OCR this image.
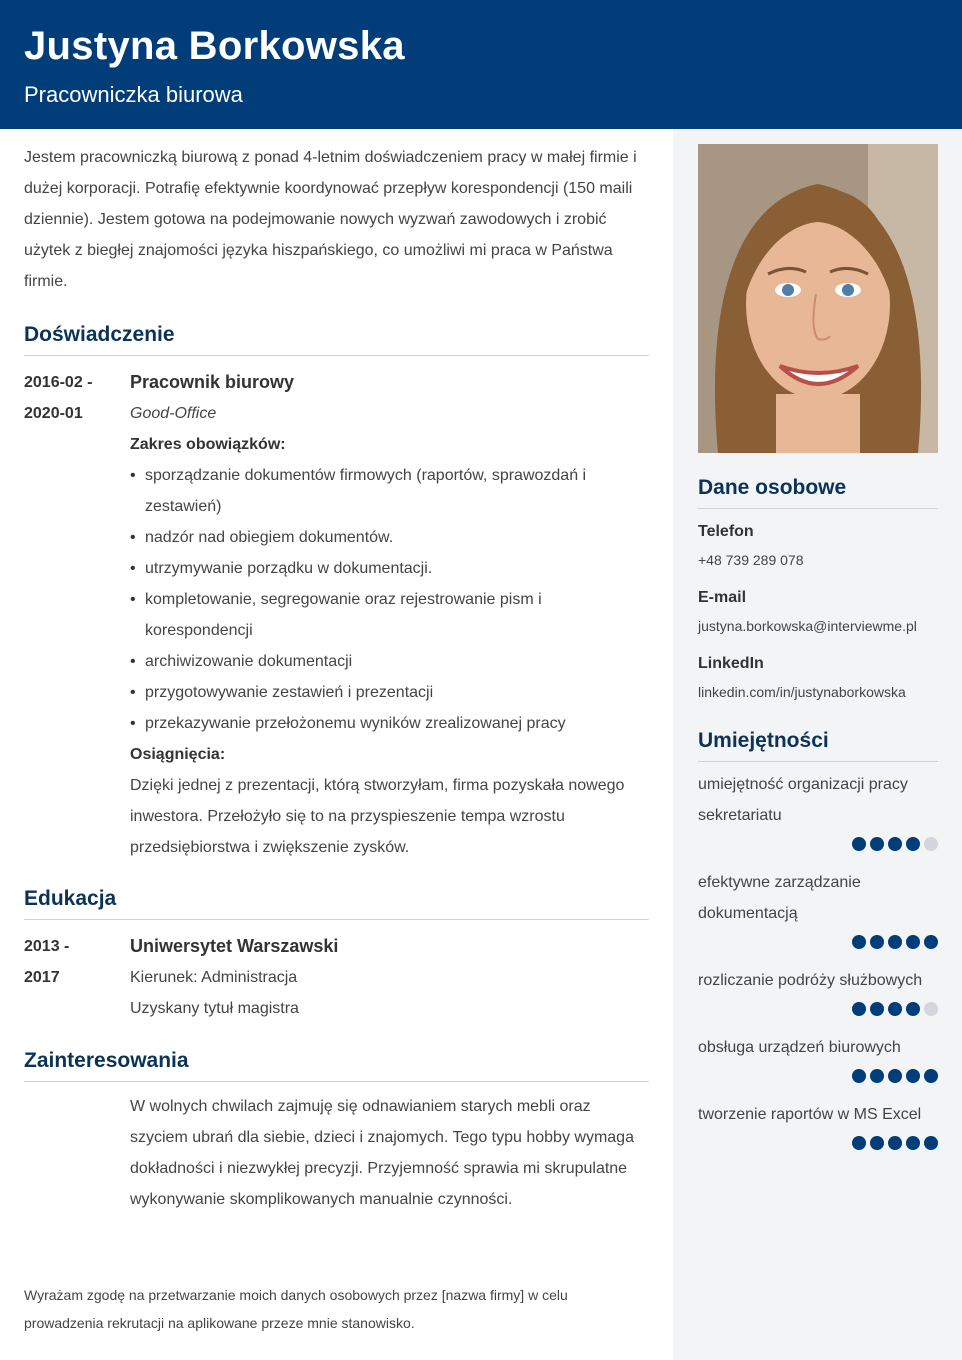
Justyna Borkowska
Pracowniczka biurowa

Jestem pracowniczką biurową z ponad 4-letnim doświadczeniem pracy w małej firmie i dużej korporacji. Potrafię efektywnie koordynować przepływ korespondencji (150 maili dziennie). Jestem gotowa na podejmowanie nowych wyzwań zawodowych i zrobić użytek z biegłej znajomości języka hiszpańskiego, co umożliwi mi praca w Państwa firmie.

Doświadczenie
2016-02 -
2020-01
Pracownik biurowy
Good-Office
Zakres obowiązków:
• sporządzanie dokumentów firmowych (raportów, sprawozdań i zestawień)
• nadzór nad obiegiem dokumentów.
• utrzymywanie porządku w dokumentacji.
• kompletowanie, segregowanie oraz rejestrowanie pism i korespondencji
• archiwizowanie dokumentacji
• przygotowywanie zestawień i prezentacji
• przekazywanie przełożonemu wyników zrealizowanej pracy
Osiągnięcia:
Dzięki jednej z prezentacji, którą stworzyłam, firma pozyskała nowego inwestora. Przełożyło się to na przyspieszenie tempa wzrostu przedsiębiorstwa i zwiększenie zysków.
Edukacja
2013 -
2017
Uniwersytet Warszawski
Kierunek: Administracja
Uzyskany tytuł magistra
Zainteresowania
W wolnych chwilach zajmuję się odnawianiem starych mebli oraz szyciem ubrań dla siebie, dzieci i znajomych. Tego typu hobby wymaga dokładności i niezwykłej precyzji. Przyjemność sprawia mi skrupulatne wykonywanie skomplikowanych manualnie czynności.
Wyrażam zgodę na przetwarzanie moich danych osobowych przez [nazwa firmy] w celu prowadzenia rekrutacji na aplikowane przeze mnie stanowisko.
Dane osobowe
Telefon
+48 739 289 078
E-mail
justyna.borkowska@interviewme.pl
LinkedIn
linkedin.com/in/justynaborkowska
Umiejętności
umiejętność organizacji pracy sekretariatu
efektywne zarządzanie dokumentacją
rozliczanie podróży służbowych
obsługa urządzeń biurowych
tworzenie raportów w MS Excel
